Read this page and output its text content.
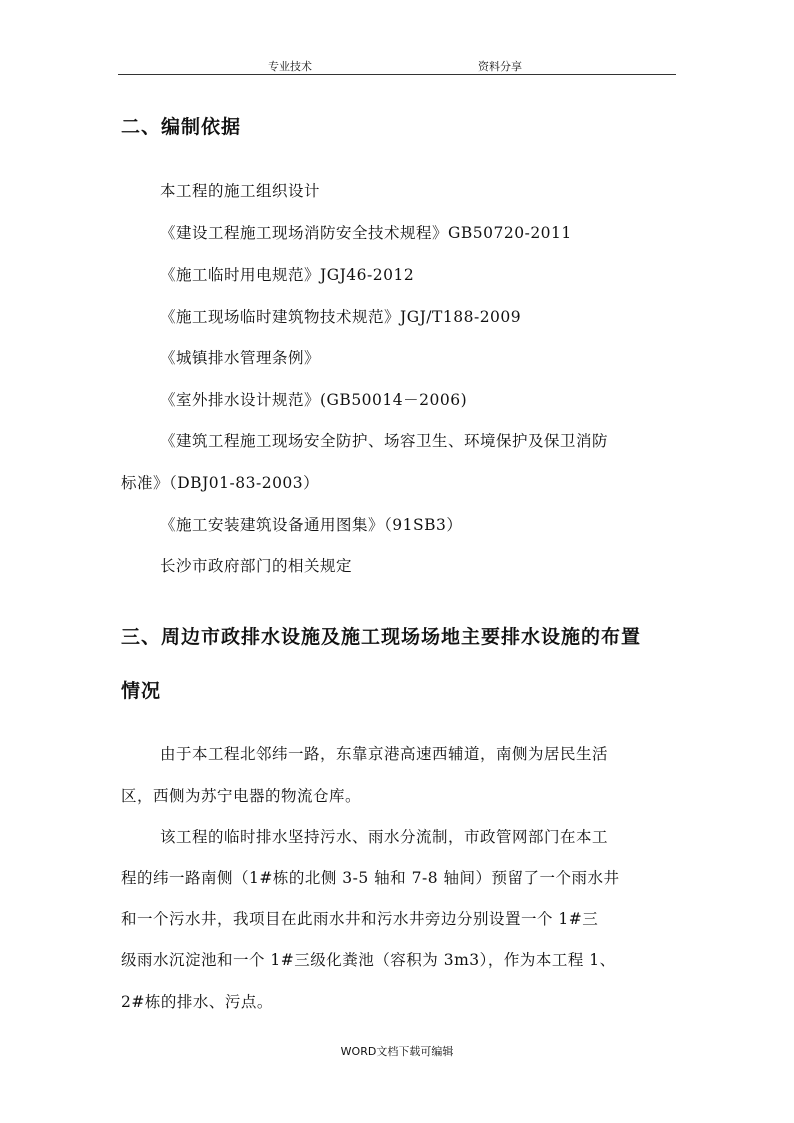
专业技术	资料分享
二、编制依据
本工程的施工组织设计
《建设工程施工现场消防安全技术规程》GB50720-2011
《施工临时用电规范》JGJ46-2012
《施工现场临时建筑物技术规范》JGJ/T188-2009
《城镇排水管理条例》
《室外排水设计规范》(GB50014－2006)
《建筑工程施工现场安全防护、场容卫生、环境保护及保卫消防
标准》（DBJ01-83-2003）
《施工安装建筑设备通用图集》（91SB3）
长沙市政府部门的相关规定
三、周边市政排水设施及施工现场场地主要排水设施的布置
情况
由于本工程北邻纬一路，东靠京港高速西辅道，南侧为居民生活
区，西侧为苏宁电器的物流仓库。
该工程的临时排水坚持污水、雨水分流制，市政管网部门在本工
程的纬一路南侧（1#栋的北侧 3-5 轴和 7-8 轴间）预留了一个雨水井
和一个污水井，我项目在此雨水井和污水井旁边分别设置一个 1#三
级雨水沉淀池和一个 1#三级化粪池（容积为 3m3），作为本工程 1、
2#栋的排水、污点。
WORD文档下载可编辑
